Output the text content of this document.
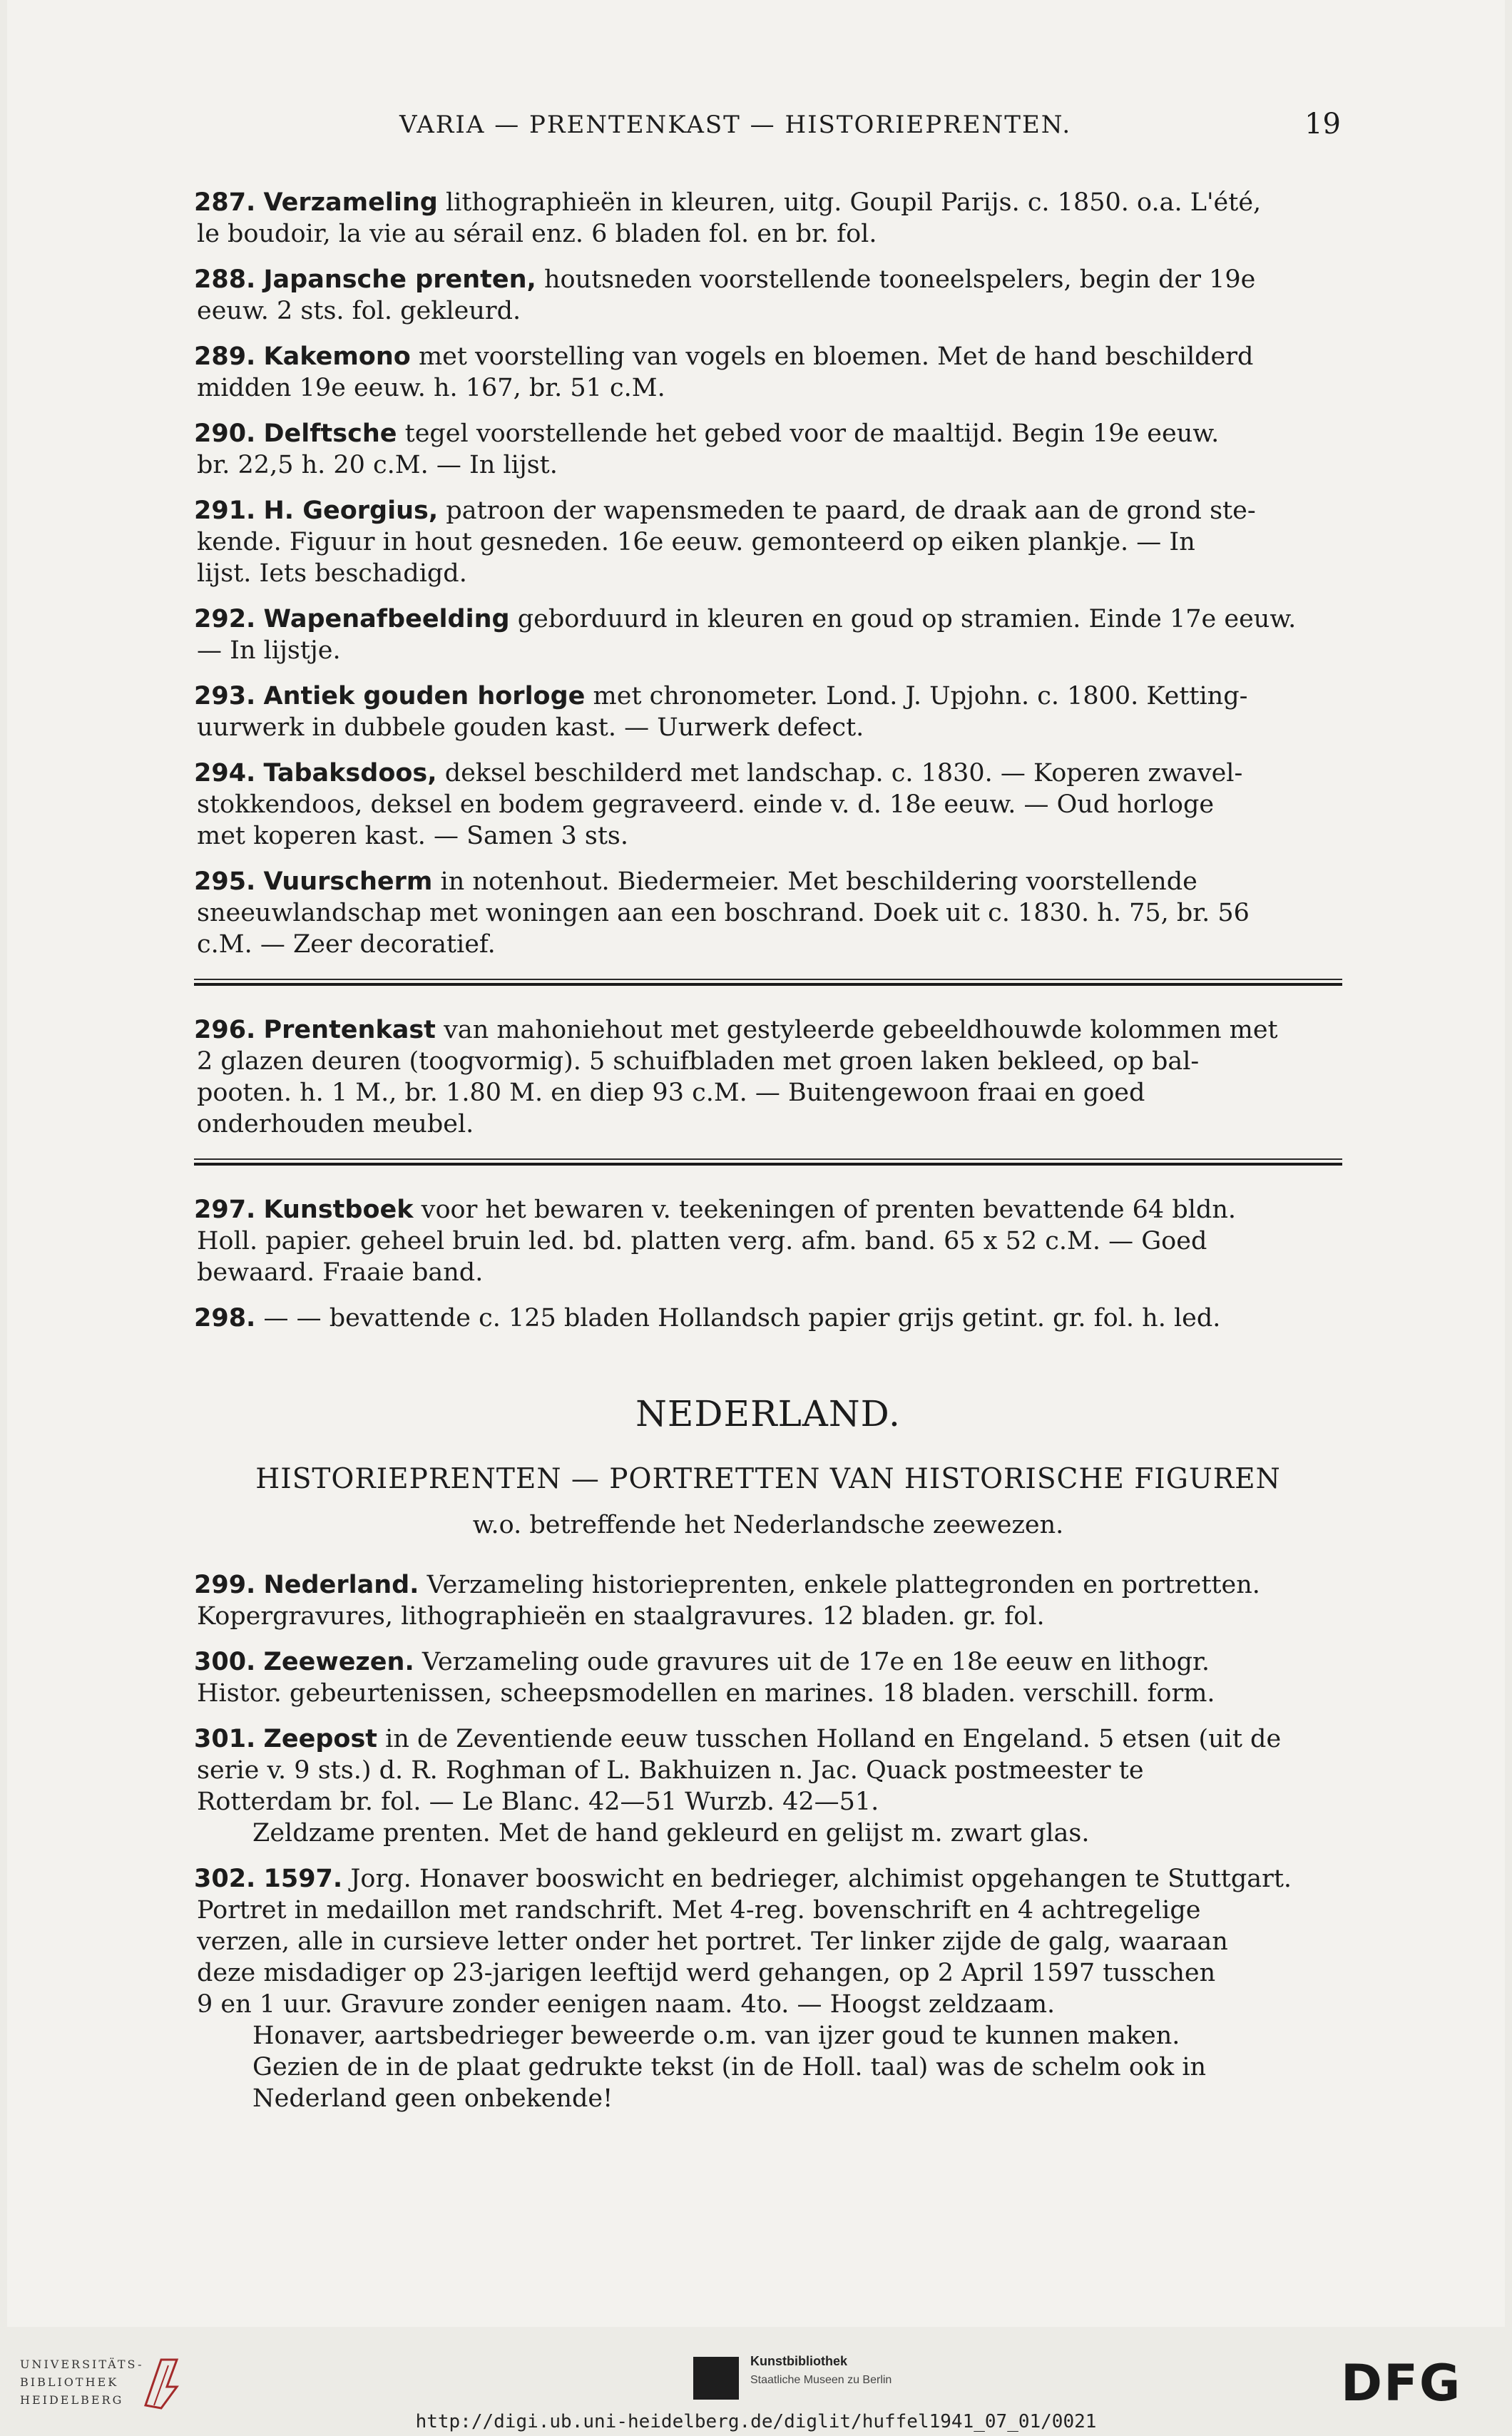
VARIA — PRENTENKAST — HISTORIEPRENTEN.	19
287. Verzameling lithographieën in kleuren, uitg. Goupil Parijs. c. 1850. o.a. L'été,
le boudoir, la vie au sérail enz. 6 bladen fol. en br. fol.
288. Japansche prenten, houtsneden voorstellende tooneelspelers, begin der 19e
eeuw. 2 sts. fol. gekleurd.
289. Kakemono met voorstelling van vogels en bloemen. Met de hand beschilderd
midden 19e eeuw. h. 167, br. 51 c.M.
290. Delftsche tegel voorstellende het gebed voor de maaltijd. Begin 19e eeuw.
br. 22,5 h. 20 c.M. — In lijst.
291. H. Georgius, patroon der wapensmeden te paard, de draak aan de grond ste-
kende. Figuur in hout gesneden. 16e eeuw. gemonteerd op eiken plankje. — In
lijst. Iets beschadigd.
292. Wapenafbeelding geborduurd in kleuren en goud op stramien. Einde 17e eeuw.
— In lijstje.
293. Antiek gouden horloge met chronometer. Lond. J. Upjohn. c. 1800. Ketting-
uurwerk in dubbele gouden kast. — Uurwerk defect.
294. Tabaksdoos, deksel beschilderd met landschap. c. 1830. — Koperen zwavel-
stokkendoos, deksel en bodem gegraveerd. einde v. d. 18e eeuw. — Oud horloge
met koperen kast. — Samen 3 sts.
295. Vuurscherm in notenhout. Biedermeier. Met beschildering voorstellende
sneeuwlandschap met woningen aan een boschrand. Doek uit c. 1830. h. 75, br. 56
c.M. — Zeer decoratief.
296. Prentenkast van mahoniehout met gestyleerde gebeeldhouwde kolommen met
2 glazen deuren (toogvormig). 5 schuifbladen met groen laken bekleed, op bal-
pooten. h. 1 M., br. 1.80 M. en diep 93 c.M. — Buitengewoon fraai en goed
onderhouden meubel.
297. Kunstboek voor het bewaren v. teekeningen of prenten bevattende 64 bldn.
Holl. papier. geheel bruin led. bd. platten verg. afm. band. 65 x 52 c.M. — Goed
bewaard. Fraaie band.
298. — — bevattende c. 125 bladen Hollandsch papier grijs getint. gr. fol. h. led.
NEDERLAND.
HISTORIEPRENTEN — PORTRETTEN VAN HISTORISCHE FIGUREN
w.o. betreffende het Nederlandsche zeewezen.
299. Nederland. Verzameling historieprenten, enkele plattegronden en portretten.
Kopergravures, lithographieën en staalgravures. 12 bladen. gr. fol.
300. Zeewezen. Verzameling oude gravures uit de 17e en 18e eeuw en lithogr.
Histor. gebeurtenissen, scheepsmodellen en marines. 18 bladen. verschill. form.
301. Zeepost in de Zeventiende eeuw tusschen Holland en Engeland. 5 etsen (uit de
serie v. 9 sts.) d. R. Roghman of L. Bakhuizen n. Jac. Quack postmeester te
Rotterdam br. fol. — Le Blanc. 42—51 Wurzb. 42—51.
Zeldzame prenten. Met de hand gekleurd en gelijst m. zwart glas.
302. 1597. Jorg. Honaver booswicht en bedrieger, alchimist opgehangen te Stuttgart.
Portret in medaillon met randschrift. Met 4-reg. bovenschrift en 4 achtregelige
verzen, alle in cursieve letter onder het portret. Ter linker zijde de galg, waaraan
deze misdadiger op 23-jarigen leeftijd werd gehangen, op 2 April 1597 tusschen
9 en 1 uur. Gravure zonder eenigen naam. 4to. — Hoogst zeldzaam.
Honaver, aartsbedrieger beweerde o.m. van ijzer goud te kunnen maken.
Gezien de in de plaat gedrukte tekst (in de Holl. taal) was de schelm ook in
Nederland geen onbekende!
UNIVERSITÄTS-
BIBLIOTHEK
HEIDELBERG
Kunstbibliothek
Staatliche Museen zu Berlin	DFG
http://digi.ub.uni-heidelberg.de/diglit/huffel1941_07_01/0021
